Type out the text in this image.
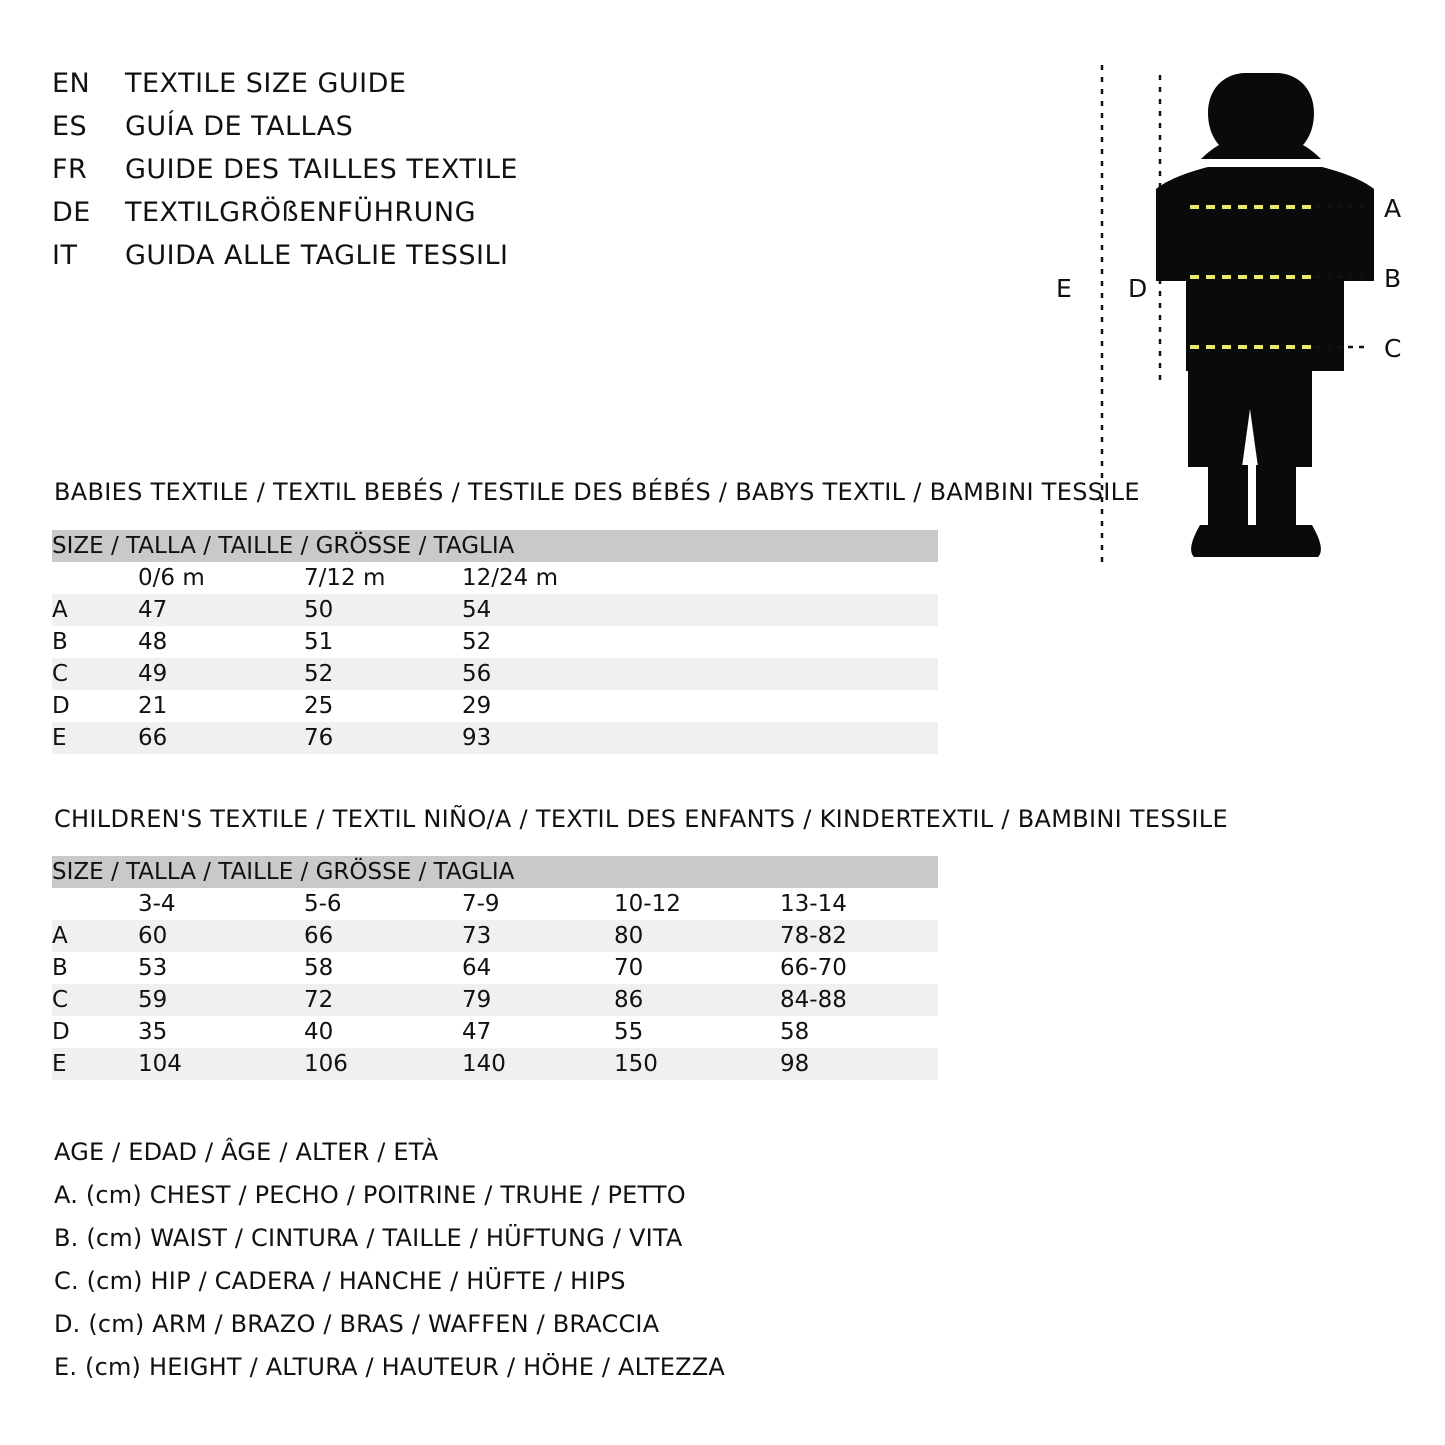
EN	TEXTILE SIZE GUIDE
ES	GUÍA DE TALLAS
FR	GUIDE DES TAILLES TEXTILE
DE	TEXTILGRÖßENFÜHRUNG
IT	GUIDA ALLE TAGLIE TESSILI
A
B
C
E D
BABIES TEXTILE / TEXTIL BEBÉS / TESTILE DES BÉBÉS / BABYS TEXTIL / BAMBINI TESSILE
SIZE / TALLA / TAILLE / GRÖSSE / TAGLIA			
	0/6 m	7/12 m	12/24 m
A	47	50	54
B	48	51	52
C	49	52	56
D	21	25	29
E	66	76	93
CHILDREN'S TEXTILE / TEXTIL NIÑO/A / TEXTIL DES ENFANTS / KINDERTEXTIL / BAMBINI TESSILE
SIZE / TALLA / TAILLE / GRÖSSE / TAGLIA					
	3-4	5-6	7-9	10-12	13-14
A	60	66	73	80	78-82
B	53	58	64	70	66-70
C	59	72	79	86	84-88
D	35	40	47	55	58
E	104	106	140	150	98
AGE / EDAD / ÂGE / ALTER / ETÀ
A. (cm) CHEST / PECHO / POITRINE / TRUHE / PETTO
B. (cm) WAIST / CINTURA / TAILLE / HÜFTUNG / VITA
C. (cm) HIP / CADERA / HANCHE / HÜFTE / HIPS
D. (cm) ARM / BRAZO / BRAS / WAFFEN / BRACCIA
E. (cm) HEIGHT / ALTURA / HAUTEUR / HÖHE / ALTEZZA
